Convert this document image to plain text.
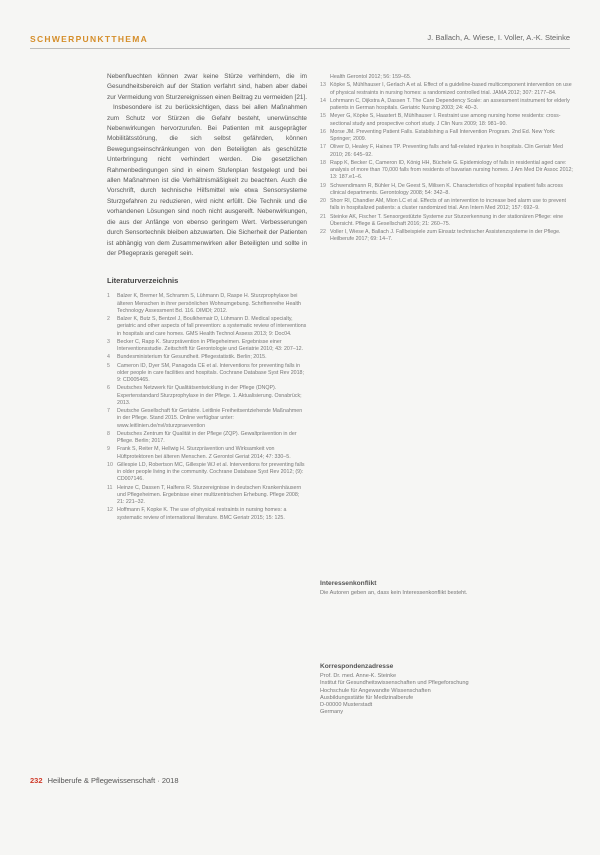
SCHWERPUNKTTHEMA	J. Ballach, A. Wiese, I. Voller, A.-K. Steinke

Nebenfluechten können zwar keine Stürze verhindern, die im Gesundheitsbereich auf der Station verfahrt sind, haben aber dabei zur Vermeidung von Sturzereignissen einen Beitrag zu vermeiden [21].

Insbesondere ist zu berücksichtigen, dass bei allen Maßnahmen zum Schutz vor Stürzen die Gefahr besteht, unerwünschte Nebenwirkungen hervorzurufen. Bei Patienten mit ausgeprägter Mobilitätsstörung, die sich selbst gefährden, können Bewegungseinschränkungen von den Beteiligten als geschützte Unterbringung nicht verhindert werden. Die gesetzlichen Rahmenbedingungen sind in einem Stufenplan festgelegt und bei allen Maßnahmen ist die Verhältnismäßigkeit zu beachten. Auch die Vorschrift, durch technische Hilfsmittel wie etwa Sensorsysteme Sturzgefahren zu reduzieren, wird nicht erfüllt. Die Technik und die vorhandenen Lösungen sind noch nicht ausgereift. Nebenwirkungen, die aus der Anfänge von ebenso geringem Wert. Verbesserungen durch Sensortechnik bleiben abzuwarten. Die Sicherheit der Patienten ist abhängig von dem Zusammenwirken aller Beteiligten und sollte in der Pflegepraxis geregelt sein.

Literaturverzeichnis
1	Balzer K, Bremer M, Schramm S, Lühmann D, Raspe H. Sturzprophylaxe bei älteren Menschen in ihrer persönlichen Wohnumgebung. Schriftenreihe Health Technology Assessment Bd. 116. DIMDI; 2012.
2	Balzer K, Butz S, Bentzel J, Boulkhemair D, Lühmann D. Medical specialty, geriatric and other aspects of fall prevention: a systematic review of interventions in hospitals and care homes. GMS Health Technol Assess 2013; 9: Doc04.
3	Becker C, Rapp K. Sturzprävention in Pflegeheimen. Ergebnisse einer Interventionsstudie. Zeitschrift für Gerontologie und Geriatrie 2010; 43: 207–12.
4	Bundesministerium für Gesundheit. Pflegestatistik. Berlin; 2015.
5	Cameron ID, Dyer SM, Panagoda CE et al. Interventions for preventing falls in older people in care facilities and hospitals. Cochrane Database Syst Rev 2018; 9: CD005465.
6	Deutsches Netzwerk für Qualitätsentwicklung in der Pflege (DNQP). Expertenstandard Sturzprophylaxe in der Pflege. 1. Aktualisierung. Osnabrück; 2013.
7	Deutsche Gesellschaft für Geriatrie. Leitlinie Freiheitsentziehende Maßnahmen in der Pflege. Stand 2015. Online verfügbar unter: www.leitlinien.de/nvl/sturzpraevention
8	Deutsches Zentrum für Qualität in der Pflege (ZQP). Gewaltprävention in der Pflege. Berlin; 2017.
9	Frank S, Reiter M, Hellwig H. Sturzprävention und Wirksamkeit von Hüftprotektoren bei älteren Menschen. Z Gerontol Geriat 2014; 47: 330–5.
10 Gillespie LD, Robertson MC, Gillespie WJ et al. Interventions for preventing falls in older people living in the community. Cochrane Database Syst Rev 2012; (9): CD007146.
11 Heinze C, Dassen T, Halfens R. Sturzereignisse in deutschen Krankenhäusern und Pflegeheimen. Ergebnisse einer multizentrischen Erhebung. Pflege 2008; 21: 221–32.
12 Hoffmann F, Kopke K. The use of physical restraints in nursing homes: a systematic review of international literature. BMC Geriatr 2015; 15: 125.
Health Gerontol 2012; 56: 159–65.
13 Köpke S, Mühlhauser I, Gerlach A et al. Effect of a guideline-based multicomponent intervention on use of physical restraints in nursing homes: a randomized controlled trial. JAMA 2012; 307: 2177–84.
14 Lohrmann C, Dijkstra A, Dassen T. The Care Dependency Scale: an assessment instrument for elderly patients in German hospitals. Geriatric Nursing 2003; 24: 40–3.
15 Meyer G, Köpke S, Haastert B, Mühlhauser I. Restraint use among nursing home residents: cross-sectional study and prospective cohort study. J Clin Nurs 2009; 18: 981–90.
16 Morse JM. Preventing Patient Falls. Establishing a Fall Intervention Program. 2nd Ed. New York: Springer; 2009.
17 Oliver D, Healey F, Haines TP. Preventing falls and fall-related injuries in hospitals. Clin Geriatr Med 2010; 26: 645–92.
18 Rapp K, Becker C, Cameron ID, König HH, Büchele G. Epidemiology of falls in residential aged care: analysis of more than 70,000 falls from residents of bavarian nursing homes. J Am Med Dir Assoc 2012; 13: 187.e1–6.
19 Schwendimann R, Bühler H, De Geest S, Milisen K. Characteristics of hospital inpatient falls across clinical departments. Gerontology 2008; 54: 342–8.
20 Shorr RI, Chandler AM, Mion LC et al. Effects of an intervention to increase bed alarm use to prevent falls in hospitalized patients: a cluster randomized trial. Ann Intern Med 2012; 157: 692–9.
21 Steinke AK, Fischer T. Sensorgestützte Systeme zur Sturzerkennung in der stationären Pflege: eine Übersicht. Pflege & Gesellschaft 2016; 21: 260–75.
22 Voller I, Wiese A, Ballach J. Fallbeispiele zum Einsatz technischer Assistenzsysteme in der Pflege. Heilberufe 2017; 69: 14–7.
Interessenkonflikt
Die Autoren geben an, dass kein Interessenkonflikt besteht.
Korrespondenzadresse
Prof. Dr. med. Anne-K. Steinke
Institut für Gesundheitswissenschaften und Pflegeforschung
Hochschule für Angewandte Wissenschaften
Ausbildungsstätte für Medizinalberufe
D-00000 Musterstadt
Germany
232 Heilberufe & Pflegewissenschaft · 2018
